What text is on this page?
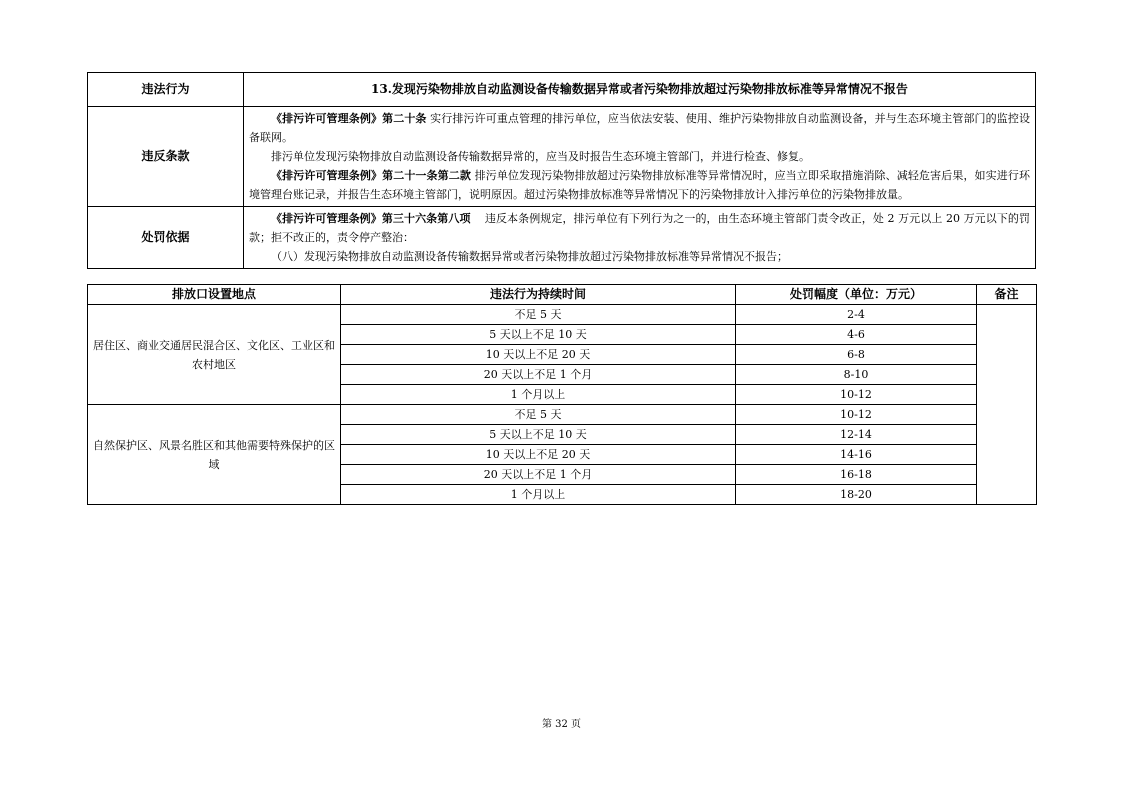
违法行为	13.发现污染物排放自动监测设备传输数据异常或者污染物排放超过污染物排放标准等异常情况不报告
违反条款	《排污许可管理条例》第二十条 实行排污许可重点管理的排污单位，应当依法安装、使用、维护污染物排放自动监测设备，并与生态环境主管部门的监控设备联网。

排污单位发现污染物排放自动监测设备传输数据异常的，应当及时报告生态环境主管部门，并进行检查、修复。

《排污许可管理条例》第二十一条第二款 排污单位发现污染物排放超过污染物排放标准等异常情况时，应当立即采取措施消除、减轻危害后果，如实进行环境管理台账记录，并报告生态环境主管部门，说明原因。超过污染物排放标准等异常情况下的污染物排放计入排污单位的污染物排放量。

处罚依据	《排污许可管理条例》第三十六条第八项 违反本条例规定，排污单位有下列行为之一的，由生态环境主管部门责令改正，处 2 万元以上 20 万元以下的罚款；拒不改正的，责令停产整治：

（八）发现污染物排放自动监测设备传输数据异常或者污染物排放超过污染物排放标准等异常情况不报告；

排放口设置地点	违法行为持续时间	处罚幅度（单位：万元）	备注
居住区、商业交通居民混合区、文化区、工业区和农村地区	不足 5 天	2-4	
	5 天以上不足 10 天	4-6	
	10 天以上不足 20 天	6-8	
	20 天以上不足 1 个月	8-10	
	1 个月以上	10-12	
自然保护区、风景名胜区和其他需要特殊保护的区域	不足 5 天	10-12	
	5 天以上不足 10 天	12-14	
	10 天以上不足 20 天	14-16	
	20 天以上不足 1 个月	16-18	
	1 个月以上	18-20	
第 32 页
